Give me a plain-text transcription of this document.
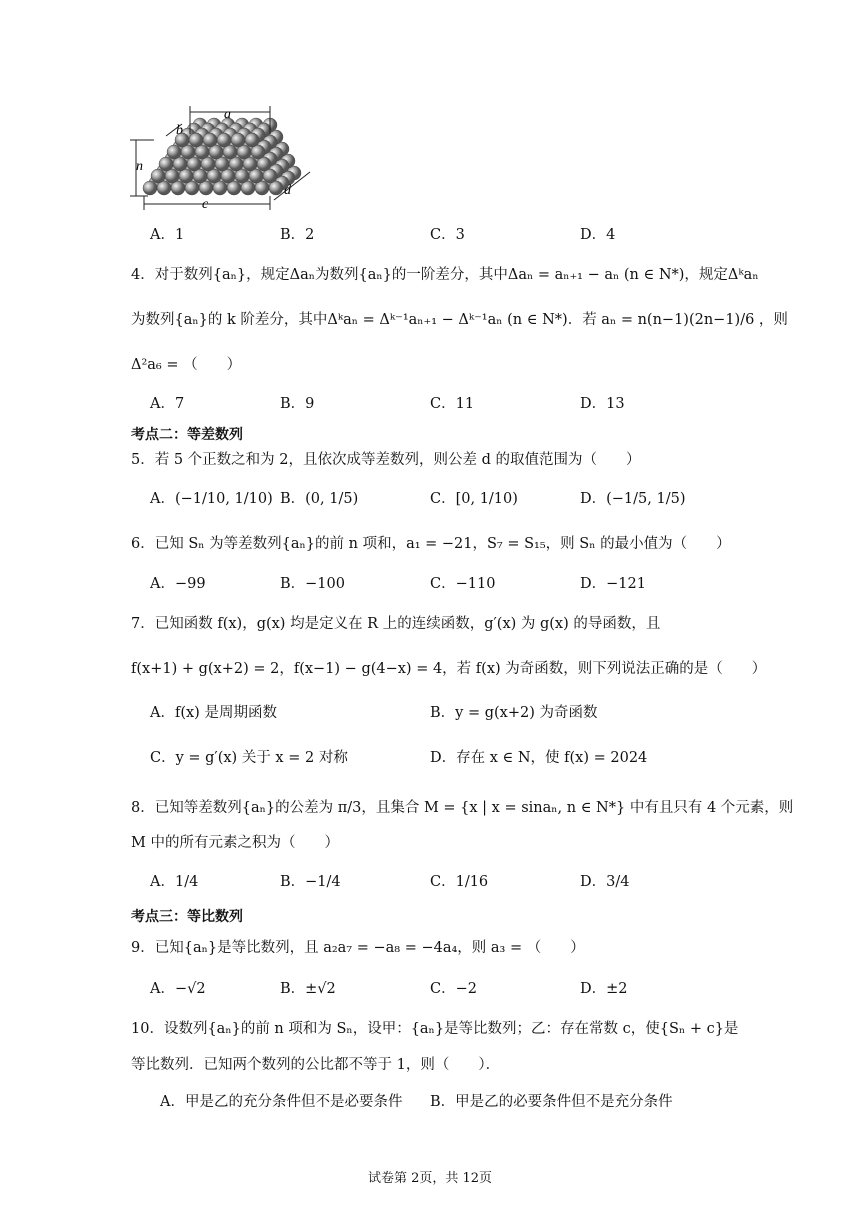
a
b
n
c
d
A．1	B．2	C．3	D．4
4．对于数列{aₙ}，规定Δaₙ为数列{aₙ}的一阶差分，其中Δaₙ = aₙ₊₁ − aₙ (n ∈ N*)，规定Δᵏaₙ
为数列{aₙ}的 k 阶差分，其中Δᵏaₙ = Δᵏ⁻¹aₙ₊₁ − Δᵏ⁻¹aₙ (n ∈ N*)．若 aₙ = n(n−1)(2n−1)/6 ，则
Δ²a₆ = （　　）
A．7	B．9	C．11	D．13
考点二：等差数列
5．若 5 个正数之和为 2，且依次成等差数列，则公差 d 的取值范围为（　　）
A．(−1/10, 1/10) B．(0, 1/5)	C．[0, 1/10)	D．(−1/5, 1/5)
6．已知 Sₙ 为等差数列{aₙ}的前 n 项和，a₁ = −21，S₇ = S₁₅，则 Sₙ 的最小值为（　　）
A．−99	B．−100	C．−110	D．−121
7．已知函数 f(x)，g(x) 均是定义在 R 上的连续函数，g′(x) 为 g(x) 的导函数，且
f(x+1) + g(x+2) = 2，f(x−1) − g(4−x) = 4，若 f(x) 为奇函数，则下列说法正确的是（　　）
A．f(x) 是周期函数	B．y = g(x+2) 为奇函数
C．y = g′(x) 关于 x = 2 对称	D．存在 x ∈ N，使 f(x) = 2024
8．已知等差数列{aₙ}的公差为 π/3，且集合 M = {x | x = sinaₙ, n ∈ N*} 中有且只有 4 个元素，则
M 中的所有元素之积为（　　）
A．1/4	B．−1/4	C．1/16	D．3/4
考点三：等比数列
9．已知{aₙ}是等比数列，且 a₂a₇ = −a₈ = −4a₄，则 a₃ = （　　）
A．−√2	B．±√2	C．−2	D．±2
10．设数列{aₙ}的前 n 项和为 Sₙ，设甲：{aₙ}是等比数列；乙：存在常数 c，使{Sₙ + c}是
等比数列．已知两个数列的公比都不等于 1，则（　　）．
A．甲是乙的充分条件但不是必要条件 B．甲是乙的必要条件但不是充分条件
试卷第 2页，共 12页
